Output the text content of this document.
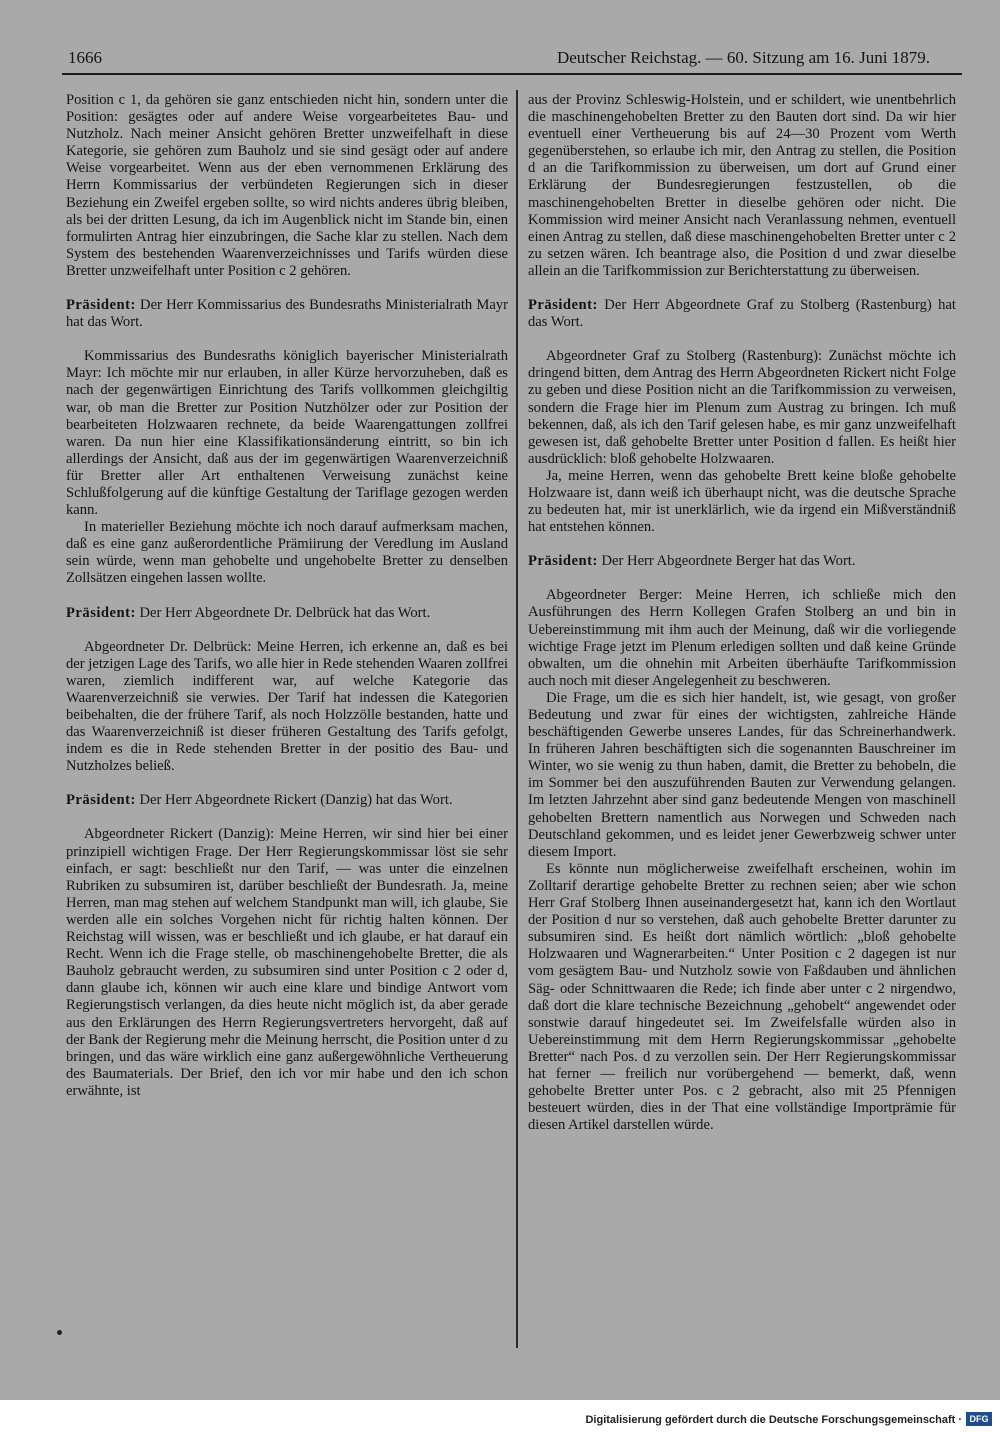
1666	Deutscher Reichstag. — 60. Sitzung am 16. Juni 1879.

Position c 1, da gehören sie ganz entschieden nicht hin, sondern unter die Position: gesägtes oder auf andere Weise vorgearbeitetes Bau- und Nutzholz. Nach meiner Ansicht gehören Bretter unzweifelhaft in diese Kategorie, sie gehören zum Bauholz und sie sind gesägt oder auf andere Weise vorgearbeitet. Wenn aus der eben vernommenen Erklärung des Herrn Kommissarius der verbündeten Regierungen sich in dieser Beziehung ein Zweifel ergeben sollte, so wird nichts anderes übrig bleiben, als bei der dritten Lesung, da ich im Augenblick nicht im Stande bin, einen formulirten Antrag hier einzubringen, die Sache klar zu stellen. Nach dem System des bestehenden Waarenverzeichnisses und Tarifs würden diese Bretter unzweifelhaft unter Position c 2 gehören.

Präsident: Der Herr Kommissarius des Bundesraths Ministerialrath Mayr hat das Wort.

Kommissarius des Bundesraths königlich bayerischer Ministerialrath Mayr: Ich möchte mir nur erlauben, in aller Kürze hervorzuheben, daß es nach der gegenwärtigen Einrichtung des Tarifs vollkommen gleichgiltig war, ob man die Bretter zur Position Nutzhölzer oder zur Position der bearbeiteten Holzwaaren rechnete, da beide Waarengattungen zollfrei waren. Da nun hier eine Klassifikationsänderung eintritt, so bin ich allerdings der Ansicht, daß aus der im gegenwärtigen Waarenverzeichniß für Bretter aller Art enthaltenen Verweisung zunächst keine Schlußfolgerung auf die künftige Gestaltung der Tariflage gezogen werden kann.

In materieller Beziehung möchte ich noch darauf aufmerksam machen, daß es eine ganz außerordentliche Prämiirung der Veredlung im Ausland sein würde, wenn man gehobelte und ungehobelte Bretter zu denselben Zollsätzen eingehen lassen wollte.

Präsident: Der Herr Abgeordnete Dr. Delbrück hat das Wort.

Abgeordneter Dr. Delbrück: Meine Herren, ich erkenne an, daß es bei der jetzigen Lage des Tarifs, wo alle hier in Rede stehenden Waaren zollfrei waren, ziemlich indifferent war, auf welche Kategorie das Waarenverzeichniß sie verwies. Der Tarif hat indessen die Kategorien beibehalten, die der frühere Tarif, als noch Holzzölle bestanden, hatte und das Waarenverzeichniß ist dieser früheren Gestaltung des Tarifs gefolgt, indem es die in Rede stehenden Bretter in der positio des Bau- und Nutzholzes beließ.

Präsident: Der Herr Abgeordnete Rickert (Danzig) hat das Wort.

Abgeordneter Rickert (Danzig): Meine Herren, wir sind hier bei einer prinzipiell wichtigen Frage. Der Herr Regierungskommissar löst sie sehr einfach, er sagt: beschließt nur den Tarif, — was unter die einzelnen Rubriken zu subsumiren ist, darüber beschließt der Bundesrath. Ja, meine Herren, man mag stehen auf welchem Standpunkt man will, ich glaube, Sie werden alle ein solches Vorgehen nicht für richtig halten können. Der Reichstag will wissen, was er beschließt und ich glaube, er hat darauf ein Recht. Wenn ich die Frage stelle, ob maschinengehobelte Bretter, die als Bauholz gebraucht werden, zu subsumiren sind unter Position c 2 oder d, dann glaube ich, können wir auch eine klare und bindige Antwort vom Regierungstisch verlangen, da dies heute nicht möglich ist, da aber gerade aus den Erklärungen des Herrn Regierungsvertreters hervorgeht, daß auf der Bank der Regierung mehr die Meinung herrscht, die Position unter d zu bringen, und das wäre wirklich eine ganz außergewöhnliche Vertheuerung des Baumaterials. Der Brief, den ich vor mir habe und den ich schon erwähnte, ist

aus der Provinz Schleswig-Holstein, und er schildert, wie unentbehrlich die maschinengehobelten Bretter zu den Bauten dort sind. Da wir hier eventuell einer Vertheuerung bis auf 24—30 Prozent vom Werth gegenüberstehen, so erlaube ich mir, den Antrag zu stellen, die Position d an die Tarifkommission zu überweisen, um dort auf Grund einer Erklärung der Bundesregierungen festzustellen, ob die maschinengehobelten Bretter in dieselbe gehören oder nicht. Die Kommission wird meiner Ansicht nach Veranlassung nehmen, eventuell einen Antrag zu stellen, daß diese maschinengehobelten Bretter unter c 2 zu setzen wären. Ich beantrage also, die Position d und zwar dieselbe allein an die Tarifkommission zur Berichterstattung zu überweisen.

Präsident: Der Herr Abgeordnete Graf zu Stolberg (Rastenburg) hat das Wort.

Abgeordneter Graf zu Stolberg (Rastenburg): Zunächst möchte ich dringend bitten, dem Antrag des Herrn Abgeordneten Rickert nicht Folge zu geben und diese Position nicht an die Tarifkommission zu verweisen, sondern die Frage hier im Plenum zum Austrag zu bringen. Ich muß bekennen, daß, als ich den Tarif gelesen habe, es mir ganz unzweifelhaft gewesen ist, daß gehobelte Bretter unter Position d fallen. Es heißt hier ausdrücklich: bloß gehobelte Holzwaaren.

Ja, meine Herren, wenn das gehobelte Brett keine bloße gehobelte Holzwaare ist, dann weiß ich überhaupt nicht, was die deutsche Sprache zu bedeuten hat, mir ist unerklärlich, wie da irgend ein Mißverständniß hat entstehen können.

Präsident: Der Herr Abgeordnete Berger hat das Wort.

Abgeordneter Berger: Meine Herren, ich schließe mich den Ausführungen des Herrn Kollegen Grafen Stolberg an und bin in Uebereinstimmung mit ihm auch der Meinung, daß wir die vorliegende wichtige Frage jetzt im Plenum erledigen sollten und daß keine Gründe obwalten, um die ohnehin mit Arbeiten überhäufte Tarifkommission auch noch mit dieser Angelegenheit zu beschweren.

Die Frage, um die es sich hier handelt, ist, wie gesagt, von großer Bedeutung und zwar für eines der wichtigsten, zahlreiche Hände beschäftigenden Gewerbe unseres Landes, für das Schreinerhandwerk. In früheren Jahren beschäftigten sich die sogenannten Bauschreiner im Winter, wo sie wenig zu thun haben, damit, die Bretter zu behobeln, die im Sommer bei den auszuführenden Bauten zur Verwendung gelangen. Im letzten Jahrzehnt aber sind ganz bedeutende Mengen von maschinell gehobelten Brettern namentlich aus Norwegen und Schweden nach Deutschland gekommen, und es leidet jener Gewerbzweig schwer unter diesem Import.

Es könnte nun möglicherweise zweifelhaft erscheinen, wohin im Zolltarif derartige gehobelte Bretter zu rechnen seien; aber wie schon Herr Graf Stolberg Ihnen auseinandergesetzt hat, kann ich den Wortlaut der Position d nur so verstehen, daß auch gehobelte Bretter darunter zu subsumiren sind. Es heißt dort nämlich wörtlich: „bloß gehobelte Holzwaaren und Wagnerarbeiten.“ Unter Position c 2 dagegen ist nur vom gesägtem Bau- und Nutzholz sowie von Faßdauben und ähnlichen Säg- oder Schnittwaaren die Rede; ich finde aber unter c 2 nirgendwo, daß dort die klare technische Bezeichnung „gehobelt“ angewendet oder sonstwie darauf hingedeutet sei. Im Zweifelsfalle würden also in Uebereinstimmung mit dem Herrn Regierungskommissar „gehobelte Bretter“ nach Pos. d zu verzollen sein. Der Herr Regierungskommissar hat ferner — freilich nur vorübergehend — bemerkt, daß, wenn gehobelte Bretter unter Pos. c 2 gebracht, also mit 25 Pfennigen besteuert würden, dies in der That eine vollständige Importprämie für diesen Artikel darstellen würde.

Digitalisierung gefördert durch die Deutsche Forschungsgemeinschaft · DFG
